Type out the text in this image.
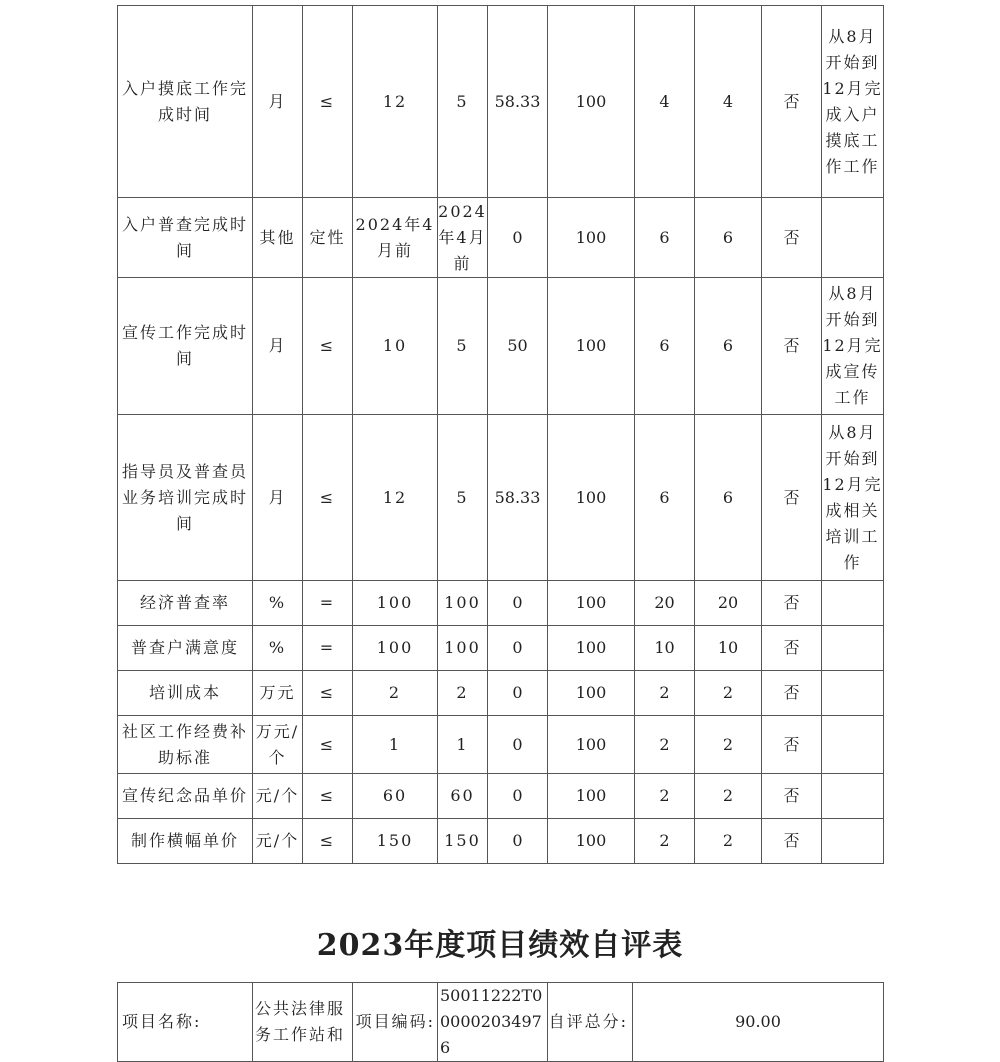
入户摸底工作完成时间	月	≤	12	5	58.33	100	4	4	否	从8月开始到12月完成入户摸底工作工作
入户普查完成时间	其他	定性	2024年4月前	2024年4月前	0	100	6	6	否	
宣传工作完成时间	月	≤	10	5	50	100	6	6	否	从8月开始到12月完成宣传工作
指导员及普查员业务培训完成时间	月	≤	12	5	58.33	100	6	6	否	从8月开始到12月完成相关培训工作
经济普查率	%	=	100	100	0	100	20	20	否	
普查户满意度	%	=	100	100	0	100	10	10	否	
培训成本	万元	≤	2	2	0	100	2	2	否	
社区工作经费补助标准	万元/个	≤	1	1	0	100	2	2	否	
宣传纪念品单价	元/个	≤	60	60	0	100	2	2	否	
制作横幅单价	元/个	≤	150	150	0	100	2	2	否	
2023年度项目绩效自评表
项目名称:	公共法律服务工作站和	项目编码:	50011222T000002034976	自评总分:	90.00
